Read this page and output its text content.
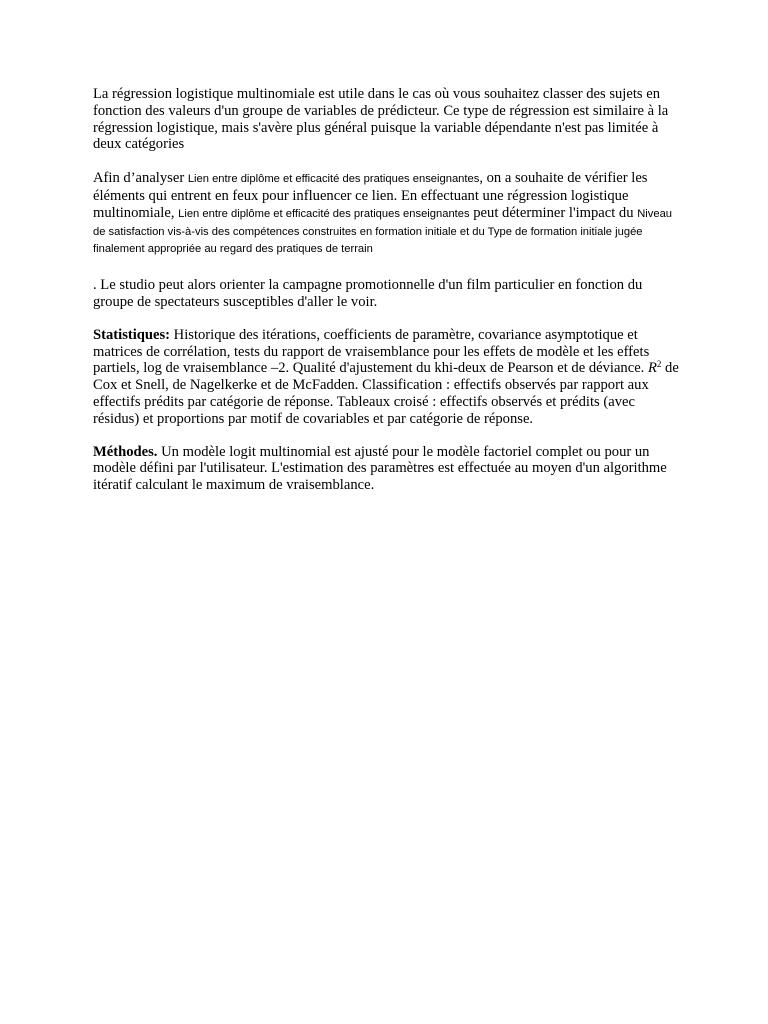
La régression logistique multinomiale est utile dans le cas où vous souhaitez classer des sujets en fonction des valeurs d'un groupe de variables de prédicteur. Ce type de régression est similaire à la régression logistique, mais s'avère plus général puisque la variable dépendante n'est pas limitée à deux catégories

Afin d’analyser Lien entre diplôme et efficacité des pratiques enseignantes, on a souhaite de vérifier les éléments qui entrent en feux pour influencer ce lien. En effectuant une régression logistique multinomiale, Lien entre diplôme et efficacité des pratiques enseignantes peut déterminer l'impact du Niveau de satisfaction vis-à-vis des compétences construites en formation initiale et du Type de formation initiale jugée finalement appropriée au regard des pratiques de terrain

. Le studio peut alors orienter la campagne promotionnelle d'un film particulier en fonction du groupe de spectateurs susceptibles d'aller le voir.

Statistiques: Historique des itérations, coefficients de paramètre, covariance asymptotique et matrices de corrélation, tests du rapport de vraisemblance pour les effets de modèle et les effets partiels, log de vraisemblance –2. Qualité d'ajustement du khi-deux de Pearson et de déviance. $R^2$ de Cox et Snell, de Nagelkerke et de McFadden. Classification : effectifs observés par rapport aux effectifs prédits par catégorie de réponse. Tableaux croisé : effectifs observés et prédits (avec résidus) et proportions par motif de covariables et par catégorie de réponse.

Méthodes. Un modèle logit multinomial est ajusté pour le modèle factoriel complet ou pour un modèle défini par l'utilisateur. L'estimation des paramètres est effectuée au moyen d'un algorithme itératif calculant le maximum de vraisemblance.
